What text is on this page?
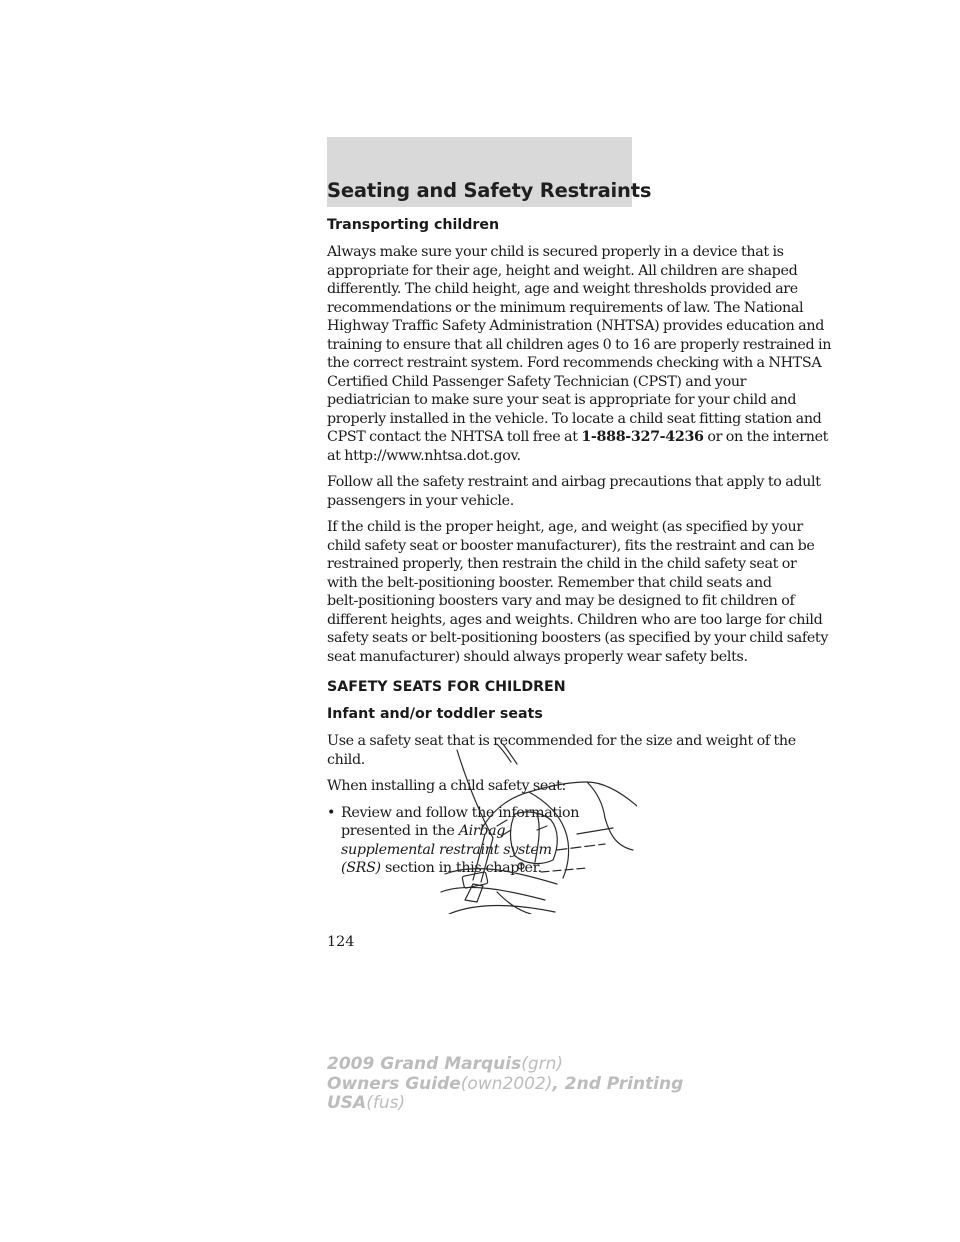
Seating and Safety Restraints
Transporting children

Always make sure your child is secured properly in a device that is
appropriate for their age, height and weight. All children are shaped
differently. The child height, age and weight thresholds provided are
recommendations or the minimum requirements of law. The National
Highway Traffic Safety Administration (NHTSA) provides education and
training to ensure that all children ages 0 to 16 are properly restrained in
the correct restraint system. Ford recommends checking with a NHTSA
Certified Child Passenger Safety Technician (CPST) and your
pediatrician to make sure your seat is appropriate for your child and
properly installed in the vehicle. To locate a child seat fitting station and
CPST contact the NHTSA toll free at 1-888-327-4236 or on the internet
at http://www.nhtsa.dot.gov.

Follow all the safety restraint and airbag precautions that apply to adult
passengers in your vehicle.

If the child is the proper height, age, and weight (as specified by your
child safety seat or booster manufacturer), fits the restraint and can be
restrained properly, then restrain the child in the child safety seat or
with the belt-positioning booster. Remember that child seats and
belt-positioning boosters vary and may be designed to fit children of
different heights, ages and weights. Children who are too large for child
safety seats or belt-positioning boosters (as specified by your child safety
seat manufacturer) should always properly wear safety belts.

SAFETY SEATS FOR CHILDREN
Infant and/or toddler seats

Use a safety seat that is recommended for the size and weight of the
child.

When installing a child safety seat:

• Review and follow the information
presented in the Airbag
supplemental restraint system
(SRS) section in this chapter.
124
2009 Grand Marquis(grn)
Owners Guide(own2002), 2nd Printing
USA(fus)
